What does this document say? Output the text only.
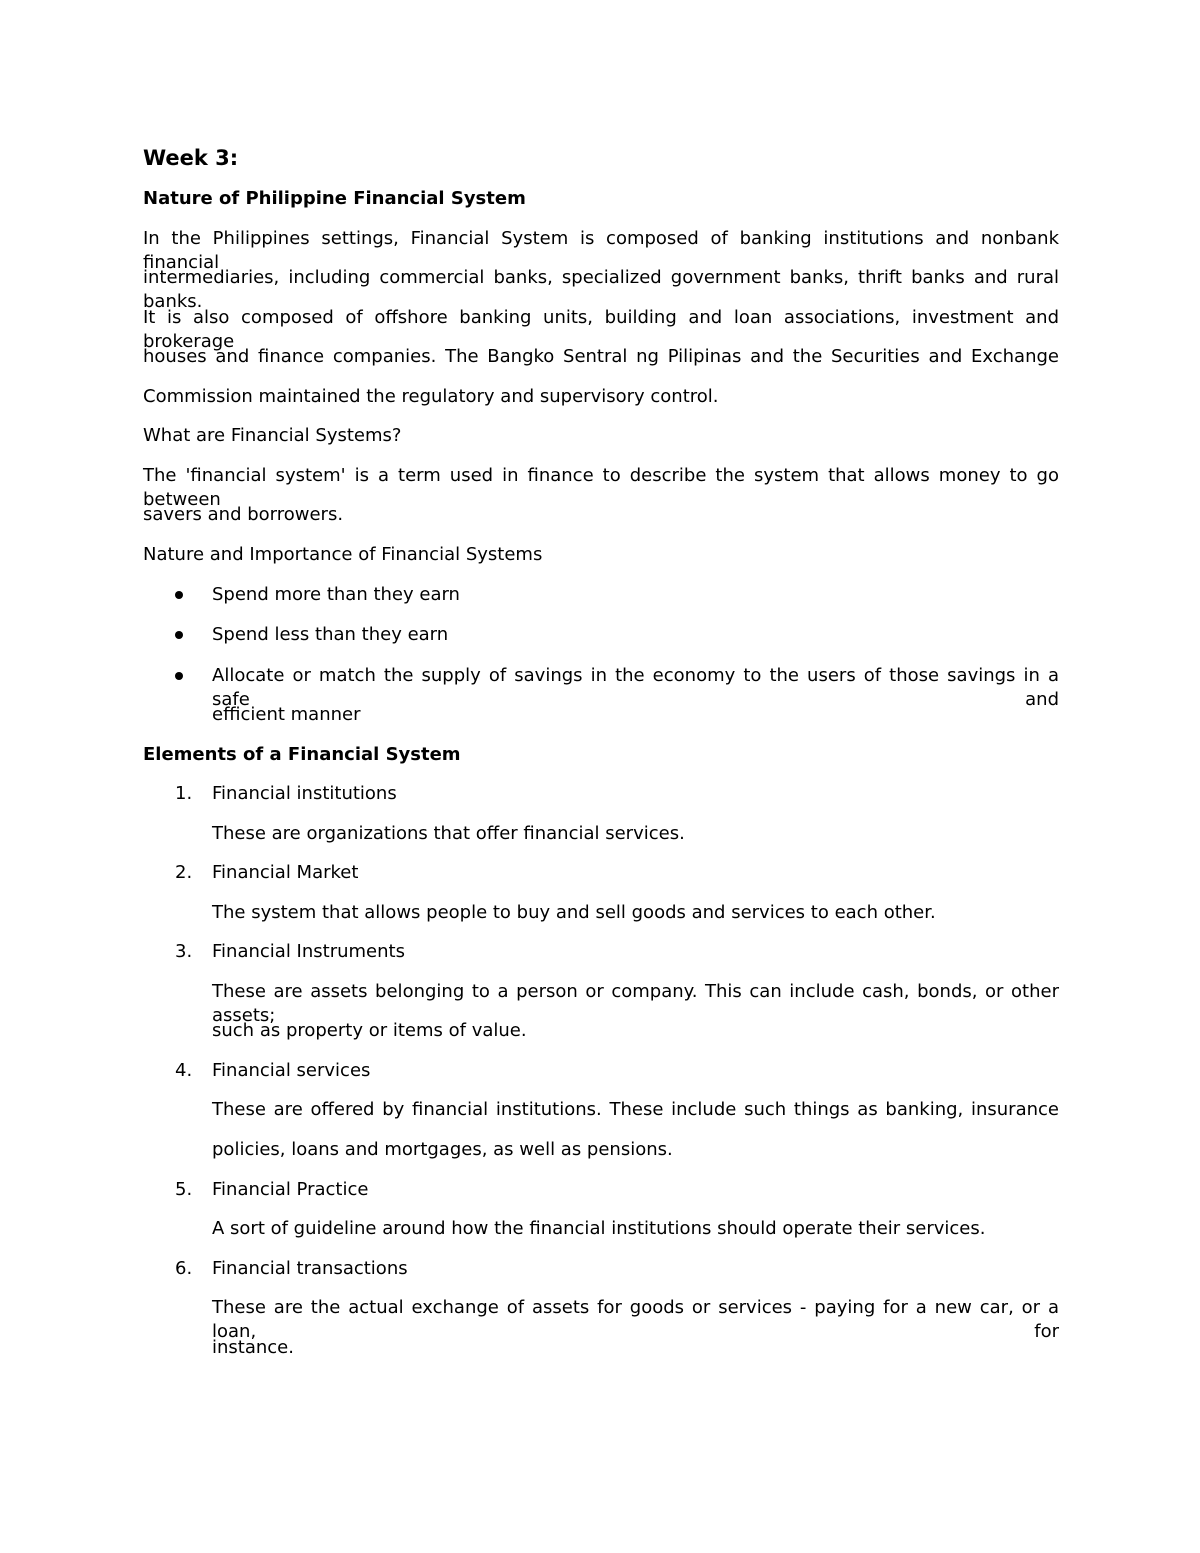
Week 3:
Nature of Philippine Financial System
In the Philippines settings, Financial System is composed of banking institutions and nonbank financial
intermediaries, including commercial banks, specialized government banks, thrift banks and rural banks.
It is also composed of offshore banking units, building and loan associations, investment and brokerage
houses and finance companies. The Bangko Sentral ng Pilipinas and the Securities and Exchange
Commission maintained the regulatory and supervisory control.
What are Financial Systems?
The 'financial system' is a term used in finance to describe the system that allows money to go between
savers and borrowers.
Nature and Importance of Financial Systems
Spend more than they earn
Spend less than they earn
Allocate or match the supply of savings in the economy to the users of those savings in a safe and
efficient manner
Elements of a Financial System
1. Financial institutions
These are organizations that offer financial services.
2. Financial Market
The system that allows people to buy and sell goods and services to each other.
3. Financial Instruments
These are assets belonging to a person or company. This can include cash, bonds, or other assets;
such as property or items of value.
4. Financial services
These are offered by financial institutions. These include such things as banking, insurance
policies, loans and mortgages, as well as pensions.
5. Financial Practice
A sort of guideline around how the financial institutions should operate their services.
6. Financial transactions
These are the actual exchange of assets for goods or services - paying for a new car, or a loan, for
instance.
